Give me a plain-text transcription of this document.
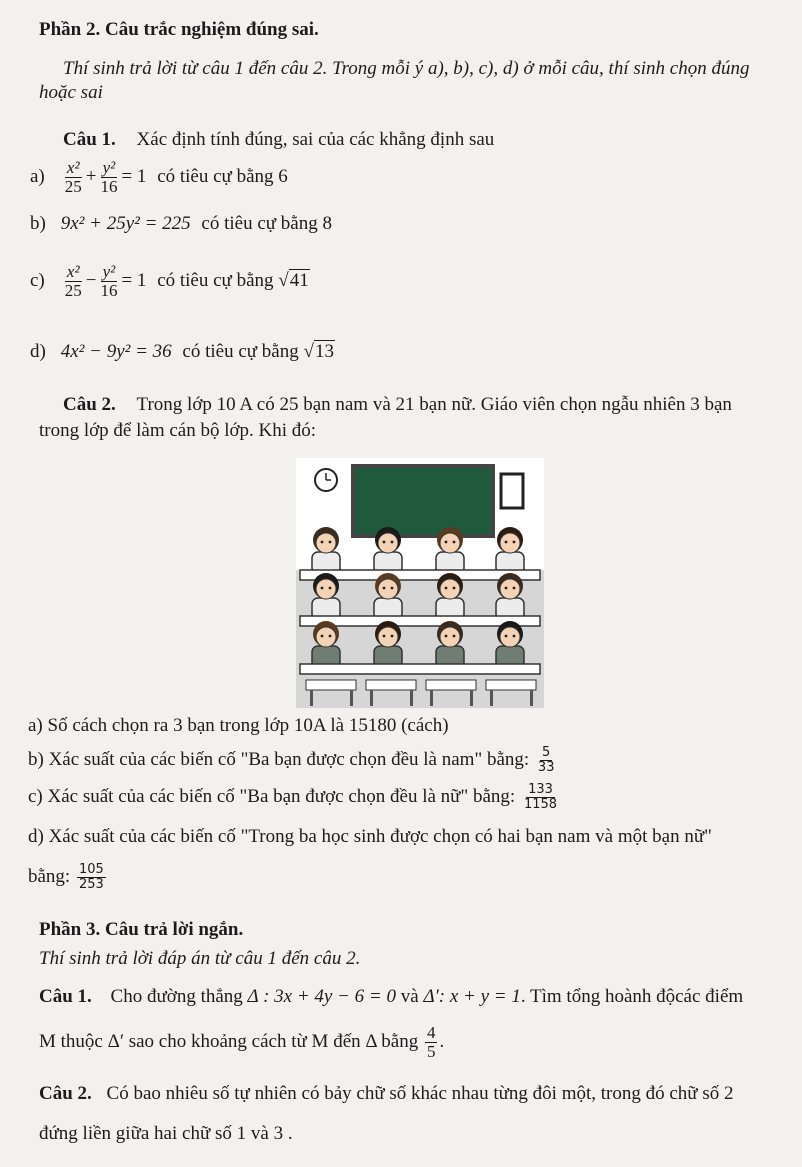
Phần 2. Câu trắc nghiệm đúng sai.
Thí sinh trả lời từ câu 1 đến câu 2. Trong mỗi ý a), b), c), d) ở mỗi câu, thí sinh chọn đúng
hoặc sai
Câu 1. Xác định tính đúng, sai của các khẳng định sau
$a) \frac{\text{x²}}{25} + \frac{\text{y²}}{16} = 1$ có tiêu cự bằng 6
b) 9x² + 25y² = 225 có tiêu cự bằng 8
$c) \frac{\text{x²}}{25} - \frac{\text{y²}}{16} = 1$ có tiêu cự bằng √41
d) 4x² − 9y² = 36 có tiêu cự bằng √13
Câu 2. Trong lớp 10 A có 25 bạn nam và 21 bạn nữ. Giáo viên chọn ngẫu nhiên 3 bạn
trong lớp để làm cán bộ lớp. Khi đó:
a) Số cách chọn ra 3 bạn trong lớp 10A là 15180 (cách)
b) Xác suất của các biến cố "Ba bạn được chọn đều là nam" bằng: $\frac{5}{33}$
c) Xác suất của các biến cố "Ba bạn được chọn đều là nữ" bằng: $\frac{133}{1158}$
d) Xác suất của các biến cố "Trong ba học sinh được chọn có hai bạn nam và một bạn nữ"
bằng: $\frac{105}{253}$
Phần 3. Câu trả lời ngắn.
Thí sinh trả lời đáp án từ câu 1 đến câu 2.
Câu 1. Cho đường thẳng Δ : 3x + 4y − 6 = 0 và Δ′: x + y = 1. Tìm tổng hoành độcác điểm
M thuộc Δ′ sao cho khoảng cách từ M đến Δ bằng $\frac{4}{5}$ .
Câu 2. Có bao nhiêu số tự nhiên có bảy chữ số khác nhau từng đôi một, trong đó chữ số 2
đứng liền giữa hai chữ số 1 và 3 .
